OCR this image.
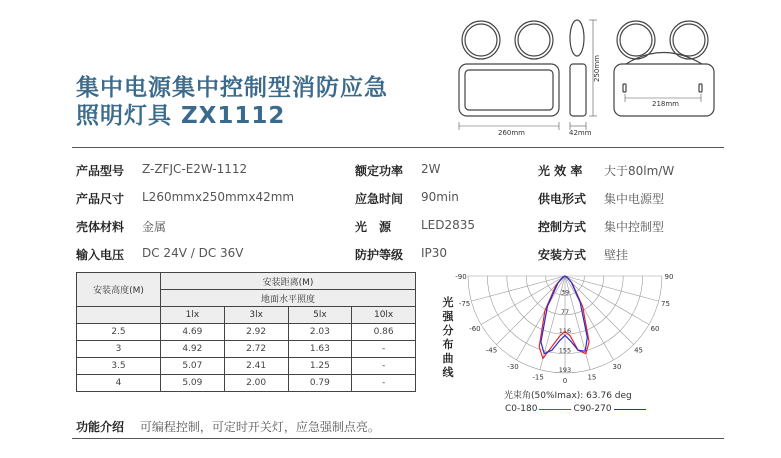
集中电源集中控制型消防应急
照明灯具 ZX1112
260mm	42mm
250mm
218mm
产品型号 Z-ZFJC-E2W-1112	额定功率 2W	光 效 率 大于80lm/W
产品尺寸 L260mmx250mmx42mm	应急时间 90min	供电形式 集中电源型
壳体材料 金属	光　源 LED2835	控制方式 集中控制型
输入电压 DC 24V / DC 36V	防护等级 IP30	安装方式 壁挂
安装高度(M)	安装距离(M)			
	地面水平照度			
	1lx	3lx	5lx	10lx
2.5	4.69	2.92	2.03	0.86
3	4.92	2.72	1.63	-
3.5	5.07	2.41	1.25	-
4	5.09	2.00	0.79	-
光强分布曲线
-90
-75
-60
-45
-30
-15	0	15
30
45
60
75
90
39
77
116
155
193
光束角(50%Imax): 63.76 deg
C0-180	C90-270
功能介绍 可编程控制，可定时开关灯，应急强制点亮。
